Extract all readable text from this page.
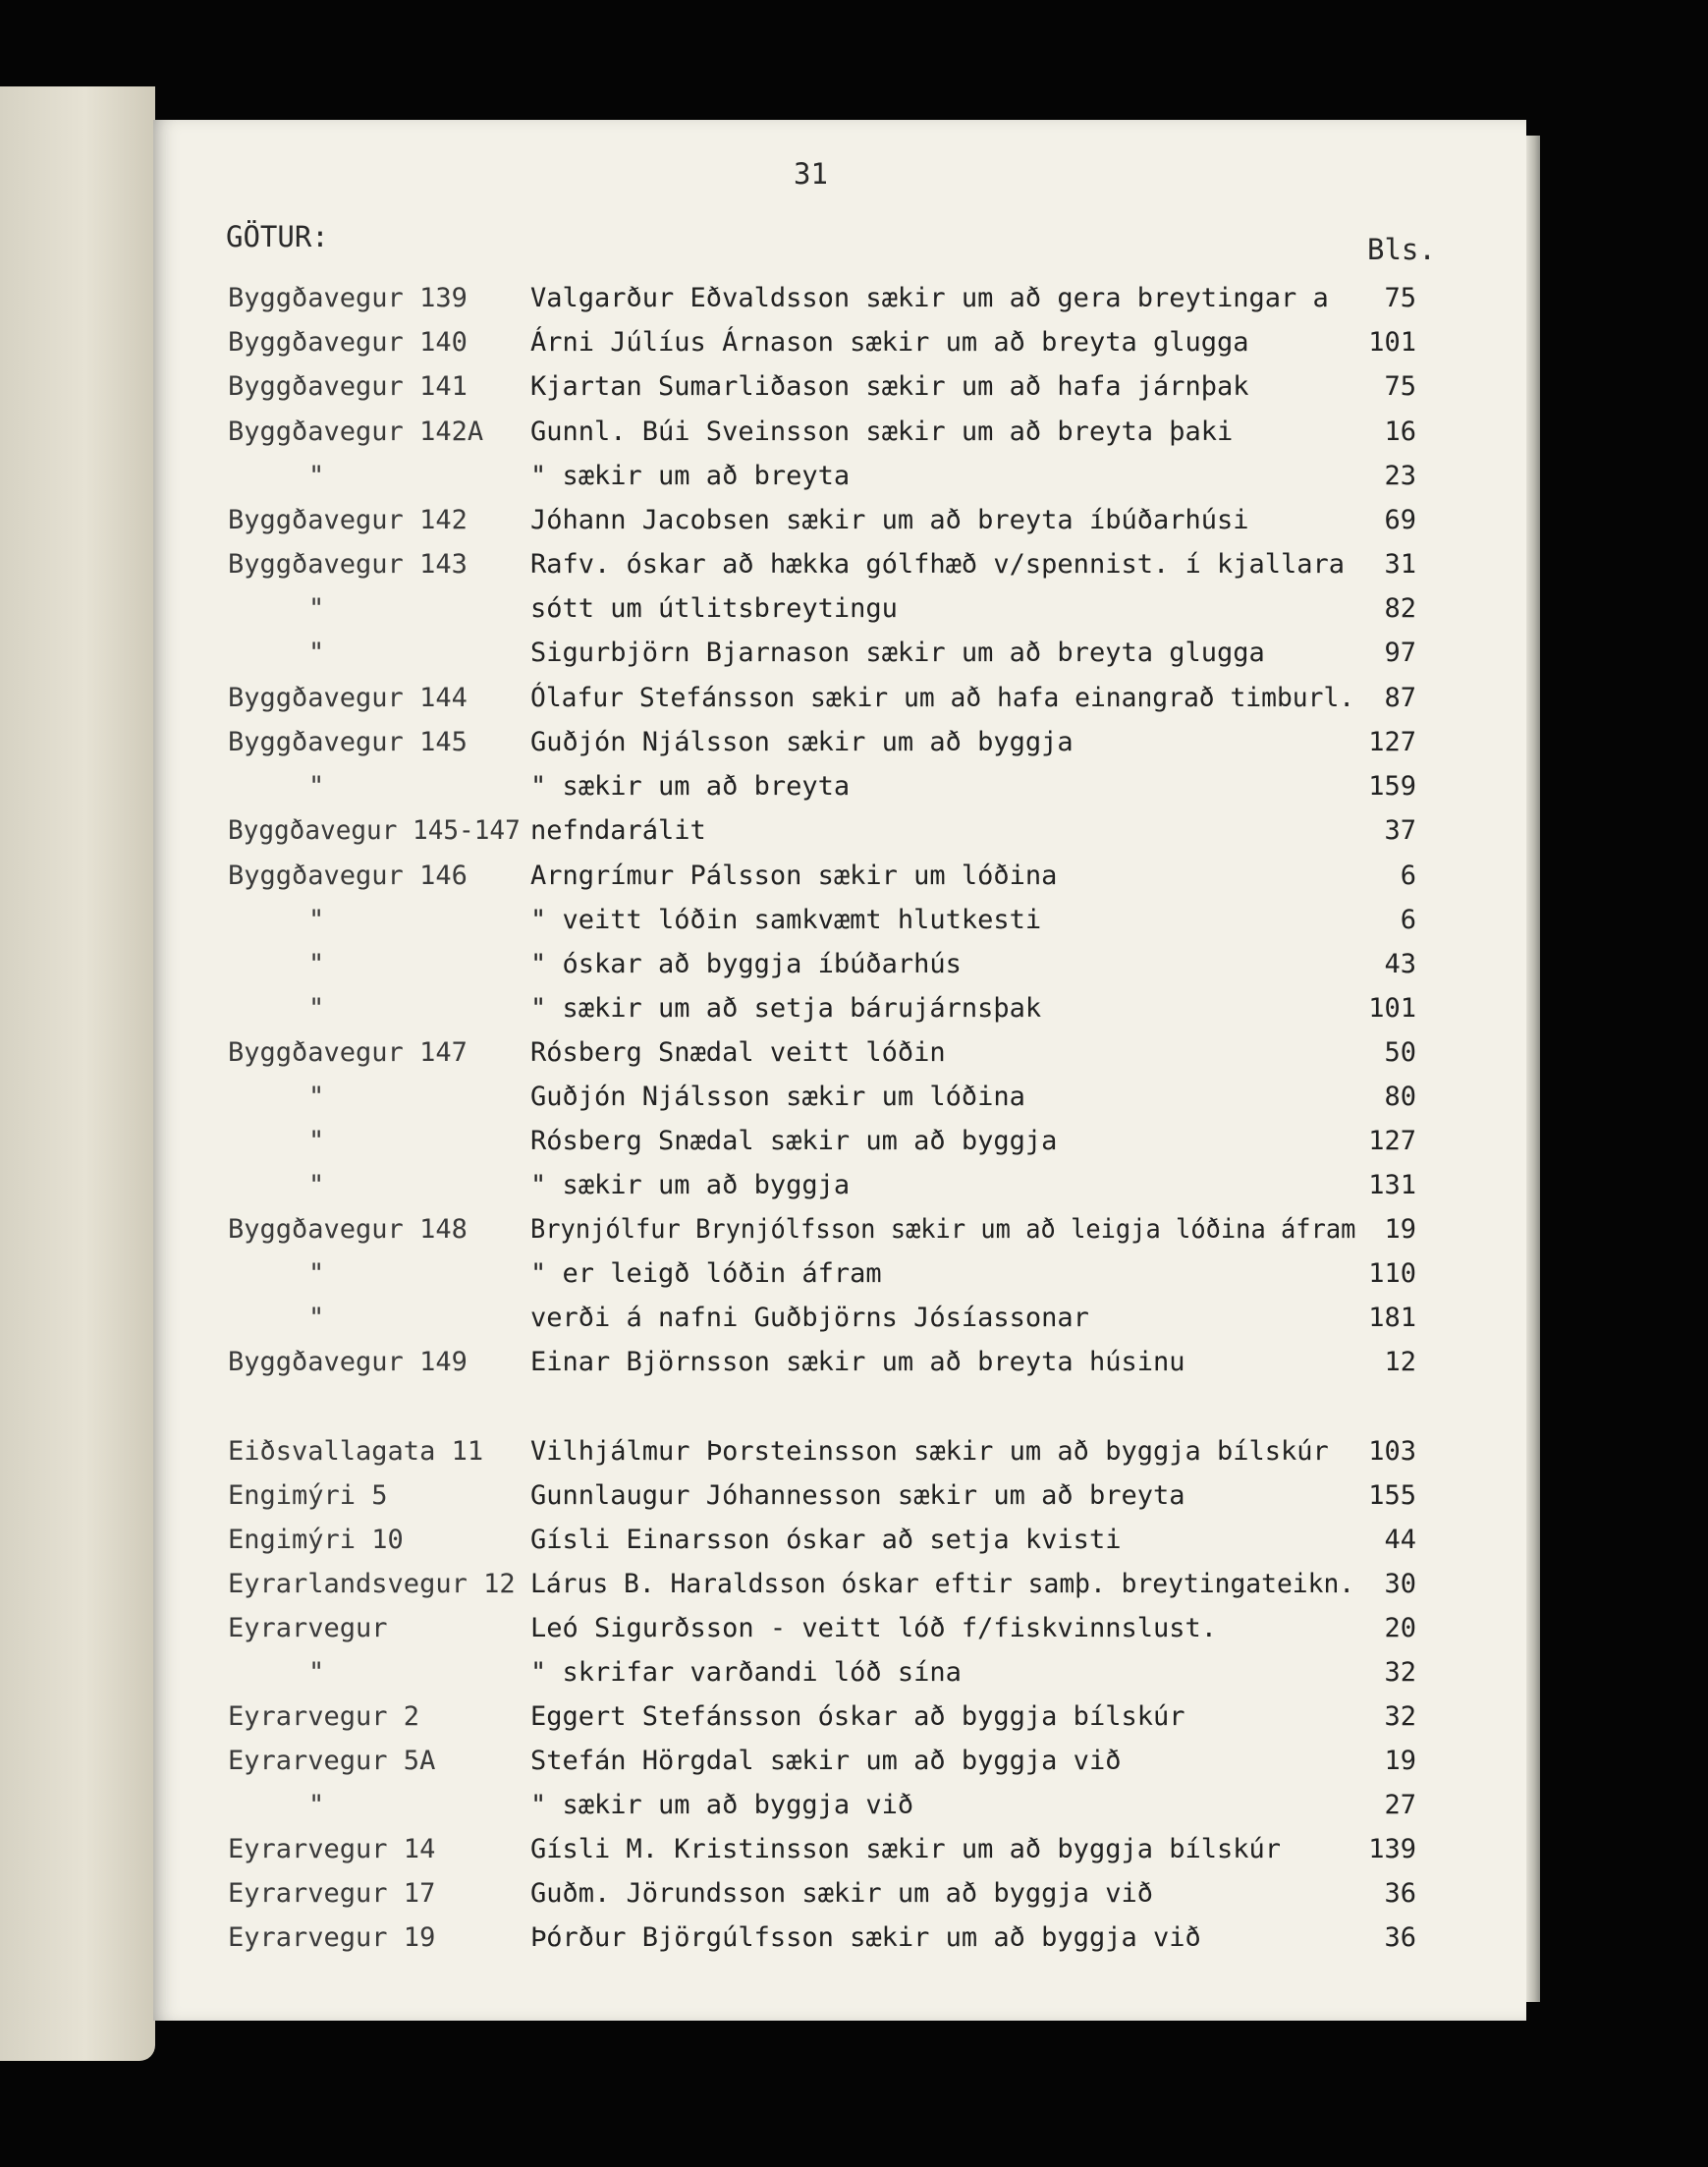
31
GÖTUR:	Bls.
Byggðavegur 139 Valgarður Eðvaldsson sækir um að gera breytingar a	75
Byggðavegur 140 Árni Júlíus Árnason sækir um að breyta glugga	101
Byggðavegur 141 Kjartan Sumarliðason sækir um að hafa járnþak	75
Byggðavegur 142A Gunnl. Búi Sveinsson sækir um að breyta þaki	16
"	" sækir um að breyta	23
Byggðavegur 142 Jóhann Jacobsen sækir um að breyta íbúðarhúsi	69
Byggðavegur 143 Rafv. óskar að hækka gólfhæð v/spennist. í kjallara	31
"	sótt um útlitsbreytingu	82
"	Sigurbjörn Bjarnason sækir um að breyta glugga	97
Byggðavegur 144 Ólafur Stefánsson sækir um að hafa einangrað timburl.	87
Byggðavegur 145 Guðjón Njálsson sækir um að byggja	127
"	" sækir um að breyta	159
Byggðavegur 145-147 nefndarálit	37
Byggðavegur 146 Arngrímur Pálsson sækir um lóðina	6
"	" veitt lóðin samkvæmt hlutkesti	6
"	" óskar að byggja íbúðarhús	43
"	" sækir um að setja bárujárnsþak	101
Byggðavegur 147 Rósberg Snædal veitt lóðin	50
"	Guðjón Njálsson sækir um lóðina	80
"	Rósberg Snædal sækir um að byggja	127
"	" sækir um að byggja	131
Byggðavegur 148 Brynjólfur Brynjólfsson sækir um að leigja lóðina áfram	19
"	" er leigð lóðin áfram	110
"	verði á nafni Guðbjörns Jósíassonar	181
Byggðavegur 149 Einar Björnsson sækir um að breyta húsinu	12
Eiðsvallagata 11 Vilhjálmur Þorsteinsson sækir um að byggja bílskúr 103
Engimýri 5	Gunnlaugur Jóhannesson sækir um að breyta	155
Engimýri 10	Gísli Einarsson óskar að setja kvisti	44
Eyrarlandsvegur 12 Lárus B. Haraldsson óskar eftir samþ. breytingateikn.	30
Eyrarvegur	Leó Sigurðsson - veitt lóð f/fiskvinnslust.	20
"	" skrifar varðandi lóð sína	32
Eyrarvegur 2	Eggert Stefánsson óskar að byggja bílskúr	32
Eyrarvegur 5A	Stefán Hörgdal sækir um að byggja við	19
"	" sækir um að byggja við	27
Eyrarvegur 14	Gísli M. Kristinsson sækir um að byggja bílskúr	139
Eyrarvegur 17	Guðm. Jörundsson sækir um að byggja við	36
Eyrarvegur 19	Þórður Björgúlfsson sækir um að byggja við	36
